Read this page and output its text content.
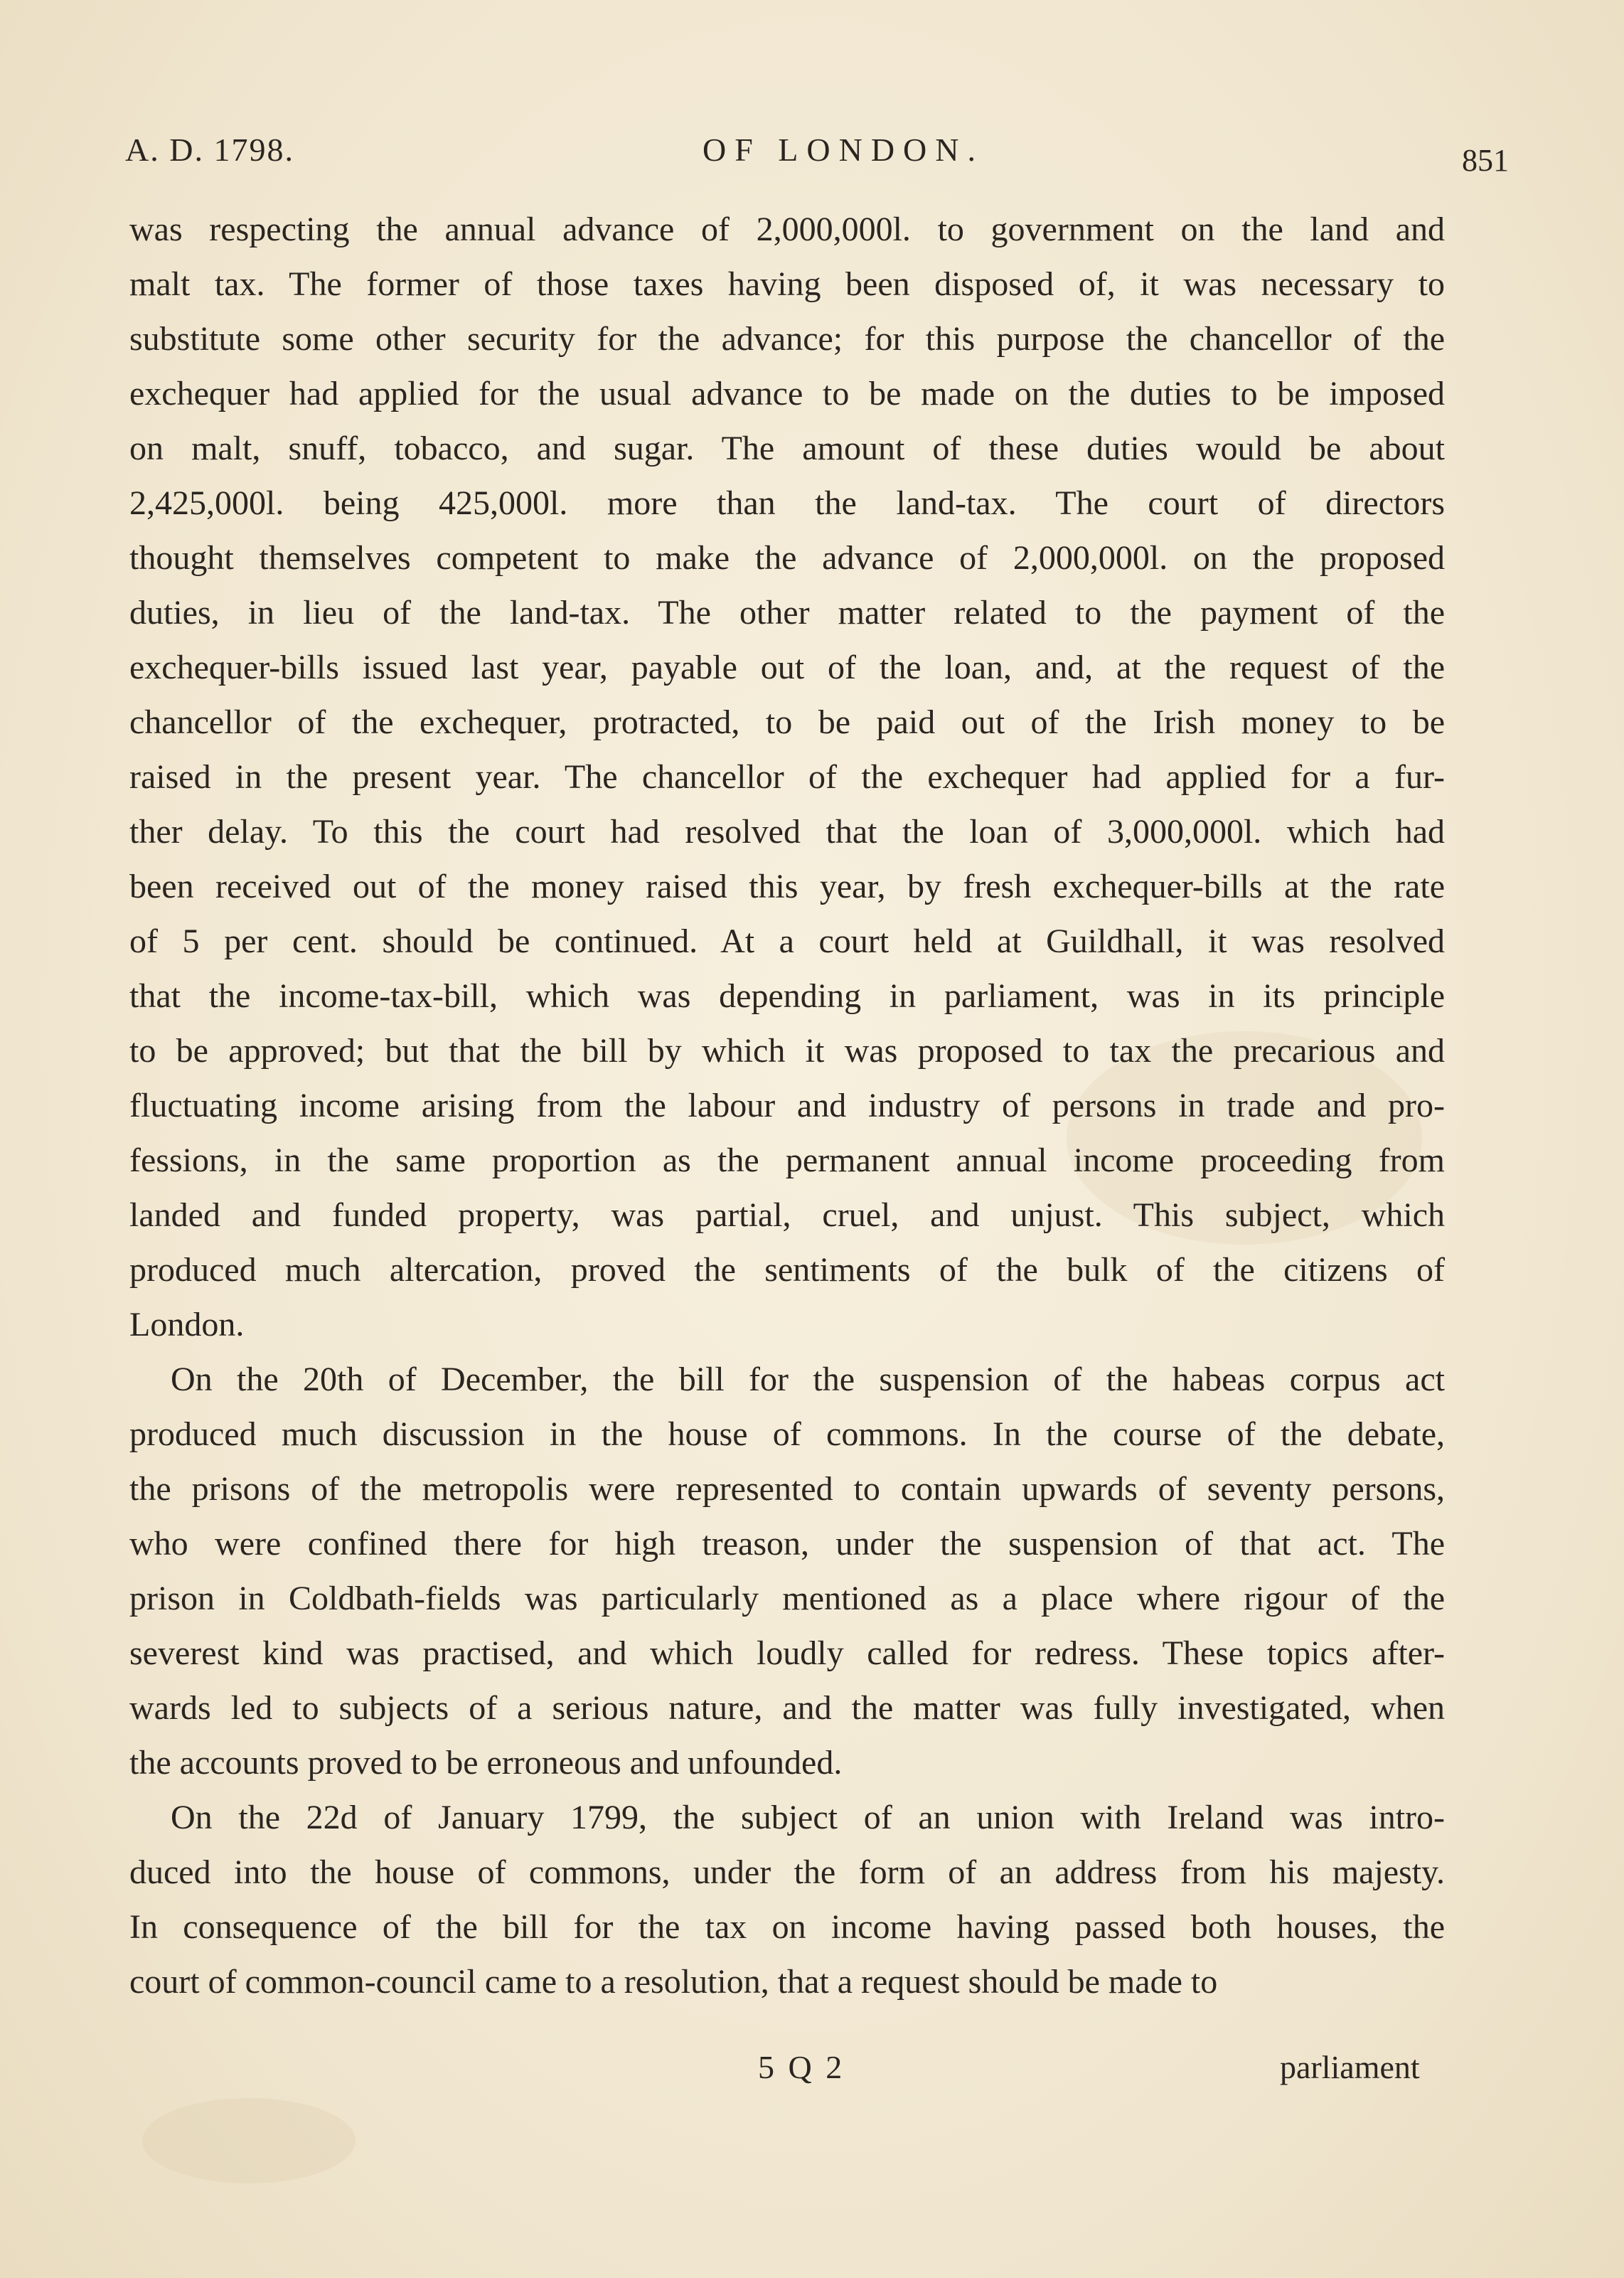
A. D. 1798.	OF LONDON.	851
was respecting the annual advance of 2,000,000l. to government on the land and
malt tax. The former of those taxes having been disposed of, it was necessary to
substitute some other security for the advance; for this purpose the chancellor of the
exchequer had applied for the usual advance to be made on the duties to be imposed
on malt, snuff, tobacco, and sugar. The amount of these duties would be about
2,425,000l. being 425,000l. more than the land-tax. The court of directors
thought themselves competent to make the advance of 2,000,000l. on the proposed
duties, in lieu of the land-tax. The other matter related to the payment of the
exchequer-bills issued last year, payable out of the loan, and, at the request of the
chancellor of the exchequer, protracted, to be paid out of the Irish money to be
raised in the present year. The chancellor of the exchequer had applied for a fur-
ther delay. To this the court had resolved that the loan of 3,000,000l. which had
been received out of the money raised this year, by fresh exchequer-bills at the rate
of 5 per cent. should be continued. At a court held at Guildhall, it was resolved
that the income-tax-bill, which was depending in parliament, was in its principle
to be approved; but that the bill by which it was proposed to tax the precarious and
fluctuating income arising from the labour and industry of persons in trade and pro-
fessions, in the same proportion as the permanent annual income proceeding from
landed and funded property, was partial, cruel, and unjust. This subject, which
produced much altercation, proved the sentiments of the bulk of the citizens of
London.
On the 20th of December, the bill for the suspension of the habeas corpus act
produced much discussion in the house of commons. In the course of the debate,
the prisons of the metropolis were represented to contain upwards of seventy persons,
who were confined there for high treason, under the suspension of that act. The
prison in Coldbath-fields was particularly mentioned as a place where rigour of the
severest kind was practised, and which loudly called for redress. These topics after-
wards led to subjects of a serious nature, and the matter was fully investigated, when
the accounts proved to be erroneous and unfounded.
On the 22d of January 1799, the subject of an union with Ireland was intro-
duced into the house of commons, under the form of an address from his majesty.
In consequence of the bill for the tax on income having passed both houses, the
court of common-council came to a resolution, that a request should be made to
5 Q 2	parliament
